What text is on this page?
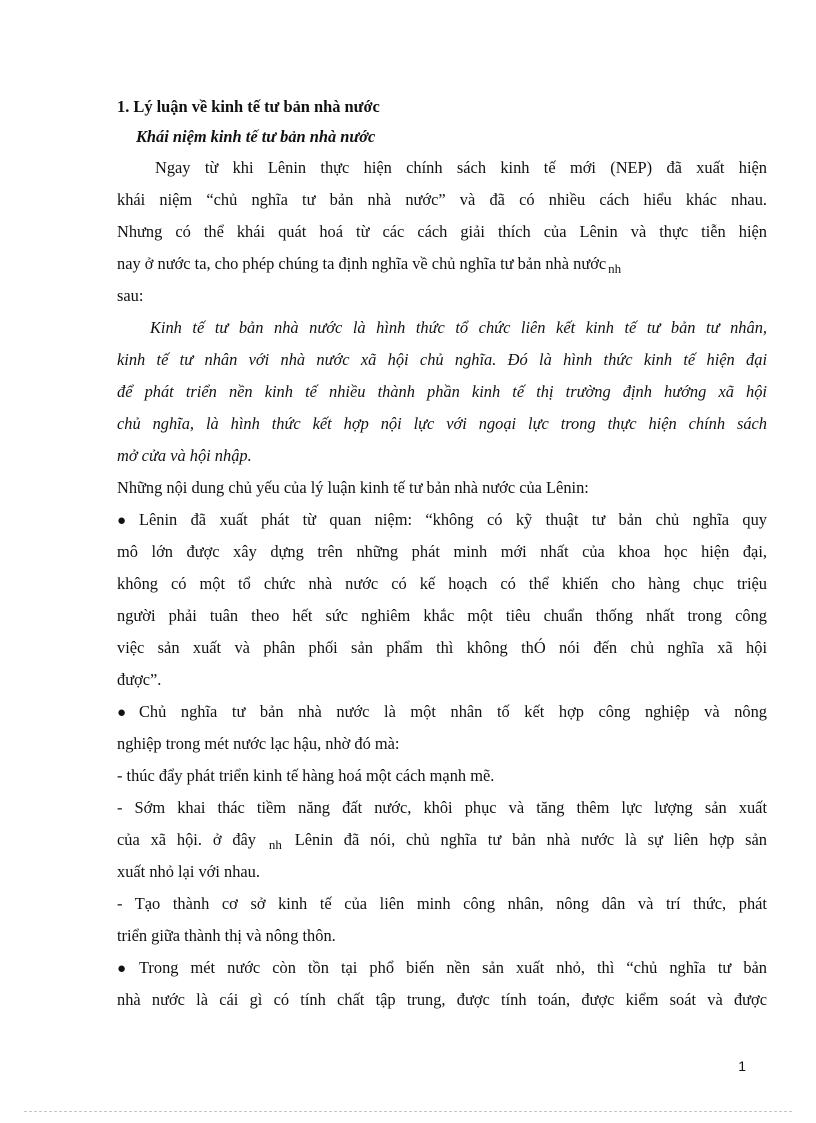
1. Lý luận về kinh tế tư bản nhà nước
Khái niệm kinh tế tư bản nhà nước
Ngay từ khi Lênin thực hiện chính sách kinh tế mới (NEP) đã xuất hiện
khái niệm “chủ nghĩa tư bản nhà nước” và đã có nhiều cách hiểu khác nhau.
Nhưng có thể khái quát hoá từ các cách giải thích của Lênin và thực tiễn hiện
nay ở nước ta, cho phép chúng ta định nghĩa về chủ nghĩa tư bản nhà nước $_{nh}$
sau:
Kinh tế tư bản nhà nước là hình thức tổ chức liên kết kinh tế tư bản tư nhân,
kinh tế tư nhân với nhà nước xã hội chủ nghĩa. Đó là hình thức kinh tế hiện đại
để phát triển nền kinh tế nhiều thành phần kinh tế thị trường định hướng xã hội
chủ nghĩa, là hình thức kết hợp nội lực với ngoại lực trong thực hiện chính sách
mở cửa và hội nhập.
Những nội dung chủ yếu của lý luận kinh tế tư bản nhà nước của Lênin:
● Lênin đã xuất phát từ quan niệm: “không có kỹ thuật tư bản chủ nghĩa quy
mô lớn được xây dựng trên những phát minh mới nhất của khoa học hiện đại,
không có một tổ chức nhà nước có kế hoạch có thể khiến cho hàng chục triệu
người phải tuân theo hết sức nghiêm khắc một tiêu chuẩn thống nhất trong công
việc sản xuất và phân phối sản phẩm thì không thÓ nói đến chủ nghĩa xã hội
được”.
● Chủ nghĩa tư bản nhà nước là một nhân tố kết hợp công nghiệp và nông
nghiệp trong mét nước lạc hậu, nhờ đó mà:
- thúc đẩy phát triển kinh tế hàng hoá một cách mạnh mẽ.
- Sớm khai thác tiềm năng đất nước, khôi phục và tăng thêm lực lượng sản xuất
của xã hội. ở đây $_{nh}$ Lênin đã nói, chủ nghĩa tư bản nhà nước là sự liên hợp sản
xuất nhỏ lại với nhau.
- Tạo thành cơ sở kinh tế của liên minh công nhân, nông dân và trí thức, phát
triển giữa thành thị và nông thôn.
● Trong mét nước còn tồn tại phổ biến nền sản xuất nhỏ, thì “chủ nghĩa tư bản
nhà nước là cái gì có tính chất tập trung, được tính toán, được kiểm soát và được
1
